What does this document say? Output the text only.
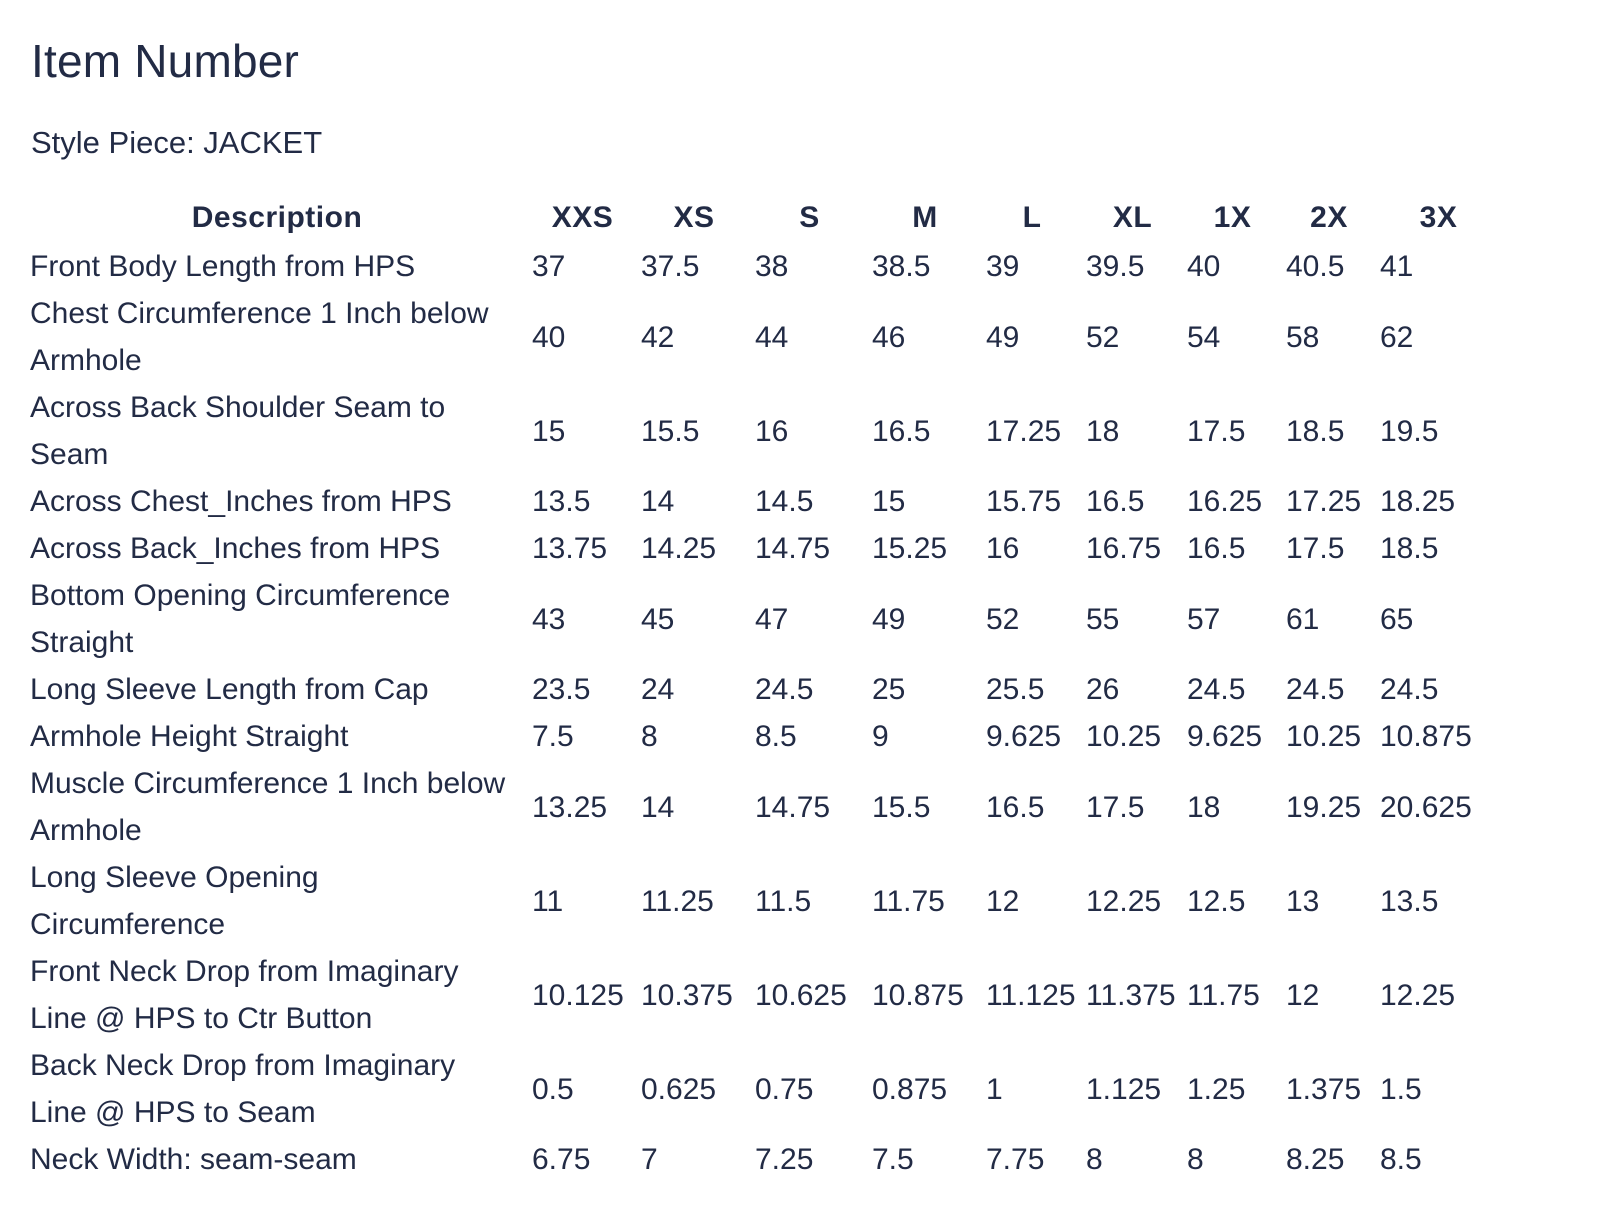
Item Number

Style Piece: JACKET

Description	XXS	XS	S	M	L	XL	1X	2X	3X
Front Body Length from HPS	37	37.5	38	38.5	39	39.5	40	40.5	41
Chest Circumference 1 Inch below Armhole	40	42	44	46	49	52	54	58	62
Across Back Shoulder Seam to Seam	15	15.5	16	16.5	17.25	18	17.5	18.5	19.5
Across Chest_Inches from HPS	13.5	14	14.5	15	15.75	16.5	16.25	17.25	18.25
Across Back_Inches from HPS	13.75	14.25	14.75	15.25	16	16.75	16.5	17.5	18.5
Bottom Opening Circumference Straight	43	45	47	49	52	55	57	61	65
Long Sleeve Length from Cap	23.5	24	24.5	25	25.5	26	24.5	24.5	24.5
Armhole Height Straight	7.5	8	8.5	9	9.625	10.25	9.625	10.25	10.875
Muscle Circumference 1 Inch below Armhole	13.25	14	14.75	15.5	16.5	17.5	18	19.25	20.625
Long Sleeve Opening Circumference	11	11.25	11.5	11.75	12	12.25	12.5	13	13.5
Front Neck Drop from Imaginary Line @ HPS to Ctr Button	10.125	10.375	10.625	10.875	11.125	11.375	11.75	12	12.25
Back Neck Drop from Imaginary Line @ HPS to Seam	0.5	0.625	0.75	0.875	1	1.125	1.25	1.375	1.5
Neck Width: seam-seam	6.75	7	7.25	7.5	7.75	8	8	8.25	8.5
